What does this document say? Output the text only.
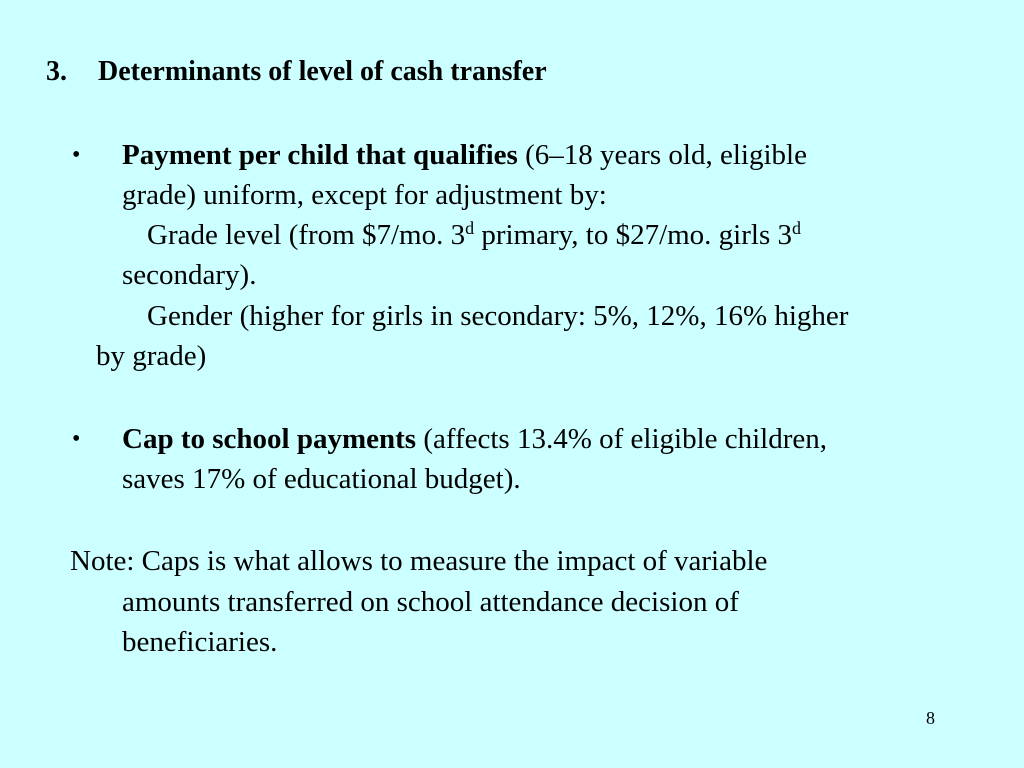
3. Determinants of level of cash transfer
• Payment per child that qualifies (6–18 years old, eligible
grade) uniform, except for adjustment by:
Grade level (from $7/mo. 3$^d$ primary, to $27/mo. girls 3$^d$
secondary).
Gender (higher for girls in secondary: 5%, 12%, 16% higher
by grade)
• Cap to school payments (affects 13.4% of eligible children,
saves 17% of educational budget).
Note: Caps is what allows to measure the impact of variable
amounts transferred on school attendance decision of
beneficiaries.
8
